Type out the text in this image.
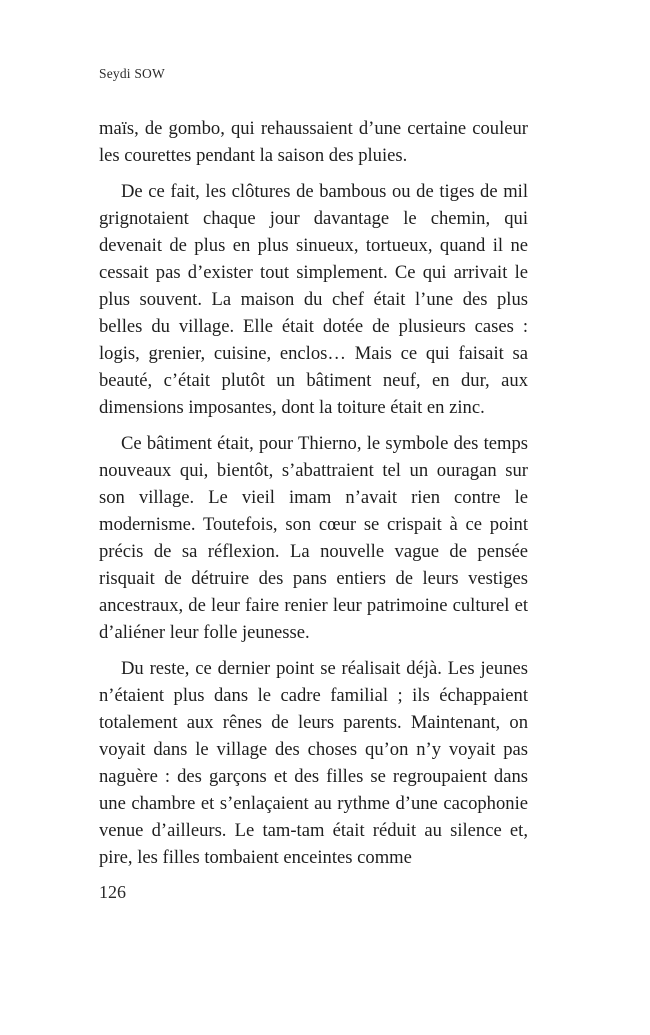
Seydi SOW

maïs, de gombo, qui rehaussaient d’une certaine couleur les courettes pendant la saison des pluies.

De ce fait, les clôtures de bambous ou de tiges de mil grignotaient chaque jour davantage le chemin, qui devenait de plus en plus sinueux, tortueux, quand il ne cessait pas d’exister tout simplement. Ce qui arrivait le plus souvent. La maison du chef était l’une des plus belles du village. Elle était dotée de plusieurs cases : logis, grenier, cuisine, enclos… Mais ce qui faisait sa beauté, c’était plutôt un bâtiment neuf, en dur, aux dimensions imposantes, dont la toiture était en zinc.

Ce bâtiment était, pour Thierno, le symbole des temps nouveaux qui, bientôt, s’abattraient tel un ouragan sur son village. Le vieil imam n’avait rien contre le modernisme. Toutefois, son cœur se crispait à ce point précis de sa réflexion. La nouvelle vague de pensée risquait de détruire des pans entiers de leurs vestiges ancestraux, de leur faire renier leur patrimoine culturel et d’aliéner leur folle jeunesse.

Du reste, ce dernier point se réalisait déjà. Les jeunes n’étaient plus dans le cadre familial ; ils échappaient totalement aux rênes de leurs parents. Maintenant, on voyait dans le village des choses qu’on n’y voyait pas naguère : des garçons et des filles se regroupaient dans une chambre et s’enlaçaient au rythme d’une cacophonie venue d’ailleurs. Le tam-tam était réduit au silence et, pire, les filles tombaient enceintes comme

126
